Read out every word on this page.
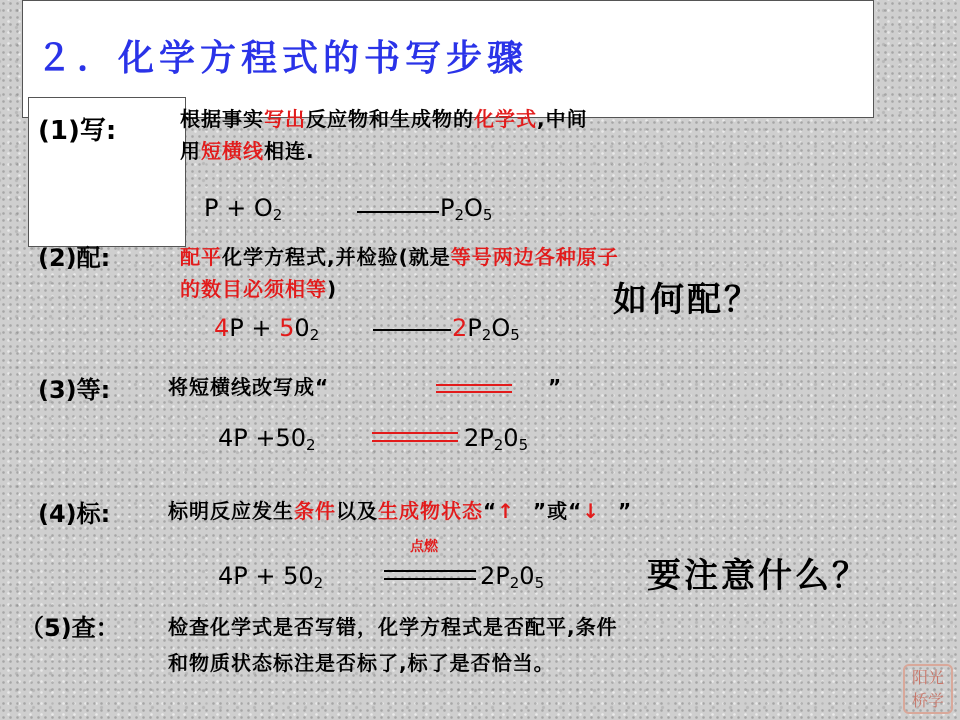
２．化学方程式的书写步骤
(1)写:
(2)配:
(3)等:
(4)标:
（5)查：
根据事实写出反应物和生成物的化学式,中间
用短横线相连.
$P + O_2$	$P_2O_5$
配平化学方程式,并检验(就是等号两边各种原子
的数目必须相等)	如何配？
$4P + 50_2$	$2P_2O_5$
将短横线改写成“	”
$4P +50_2$	$2P_20_5$
标明反应发生条件以及生成物状态“↑ ”或“↓ ”
点燃
$4P + 50_2$	$2P_20_5$	要注意什么？
检查化学式是否写错，化学方程式是否配平,条件
和物质状态标注是否标了,标了是否恰当。
阳 光
桥 学
